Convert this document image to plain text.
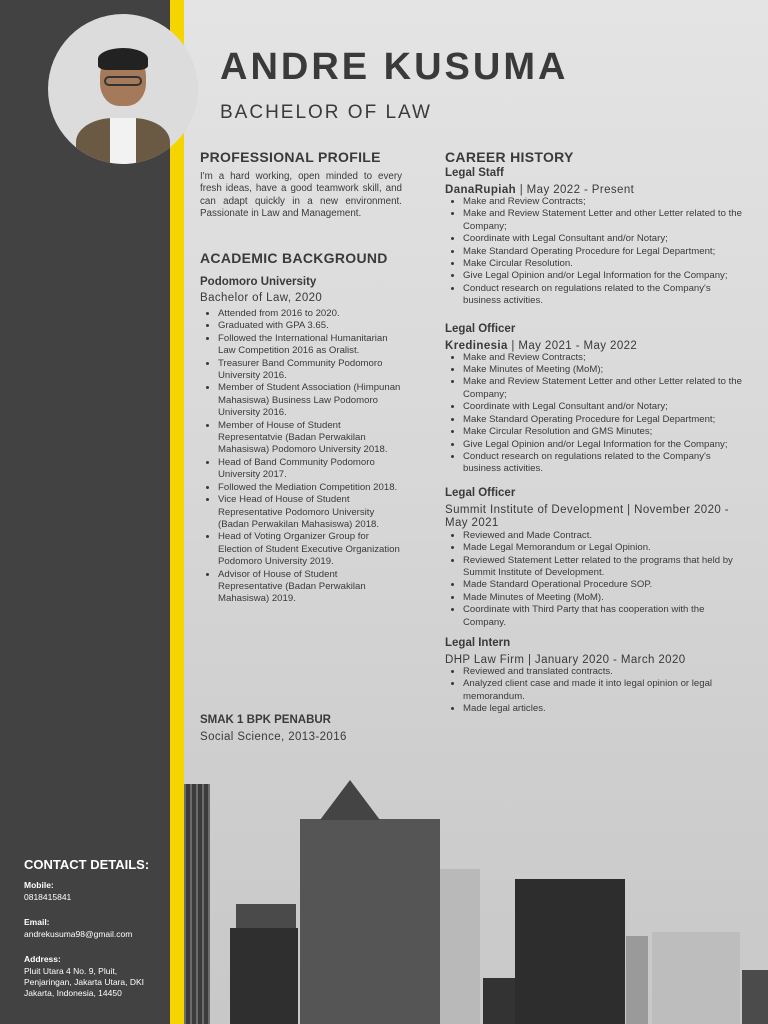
ANDRE KUSUMA
BACHELOR OF LAW

PROFESSIONAL PROFILE

I'm a hard working, open minded to every fresh ideas, have a good teamwork skill, and can adapt quickly in a new environment. Passionate in Law and Management.

ACADEMIC BACKGROUND

Podomoro University

Bachelor of Law, 2020

• Attended from 2016 to 2020.
• Graduated with GPA 3.65.
• Followed the International Humanitarian Law Competition 2016 as Oralist.
• Treasurer Band Community Podomoro University 2016.
• Member of Student Association (Himpunan Mahasiswa) Business Law Podomoro University 2016.
• Member of House of Student Representatvie (Badan Perwakilan Mahasiswa) Podomoro University 2018.
• Head of Band Community Podomoro University 2017.
• Followed the Mediation Competition 2018.
• Vice Head of House of Student Representative Podomoro University (Badan Perwakilan Mahasiswa) 2018.
• Head of Voting Organizer Group for Election of Student Executive Organization Podomoro University 2019.
• Advisor of House of Student Representative (Badan Perwakilan Mahasiswa) 2019.

SMAK 1 BPK PENABUR

Social Science, 2013-2016

CAREER HISTORY

Legal Staff

DanaRupiah | May 2022 - Present

• Make and Review Contracts;
• Make and Review Statement Letter and other Letter related to the Company;
• Coordinate with Legal Consultant and/or Notary;
• Make Standard Operating Procedure for Legal Department;
• Make Circular Resolution.
• Give Legal Opinion and/or Legal Information for the Company;
• Conduct research on regulations related to the Company's business activities.

Legal Officer

Kredinesia | May 2021 - May 2022

• Make and Review Contracts;
• Make Minutes of Meeting (MoM);
• Make and Review Statement Letter and other Letter related to the Company;
• Coordinate with Legal Consultant and/or Notary;
• Make Standard Operating Procedure for Legal Department;
• Make Circular Resolution and GMS Minutes;
• Give Legal Opinion and/or Legal Information for the Company;
• Conduct research on regulations related to the Company's business activities.

Legal Officer

Summit Institute of Development | November 2020 - May 2021

• Reviewed and Made Contract.
• Made Legal Memorandum or Legal Opinion.
• Reviewed Statement Letter related to the programs that held by Summit Institute of Development.
• Made Standard Operational Procedure SOP.
• Made Minutes of Meeting (MoM).
• Coordinate with Third Party that has cooperation with the Company.

Legal Intern

DHP Law Firm | January 2020 - March 2020

• Reviewed and translated contracts.
• Analyzed client case and made it into legal opinion or legal memorandum.
• Made legal articles.
CONTACT DETAILS:
Mobile:
0818415841
Email:
andrekusuma98@gmail.com
Address:
Pluit Utara 4 No. 9, Pluit, Penjaringan, Jakarta Utara, DKI Jakarta, Indonesia, 14450
